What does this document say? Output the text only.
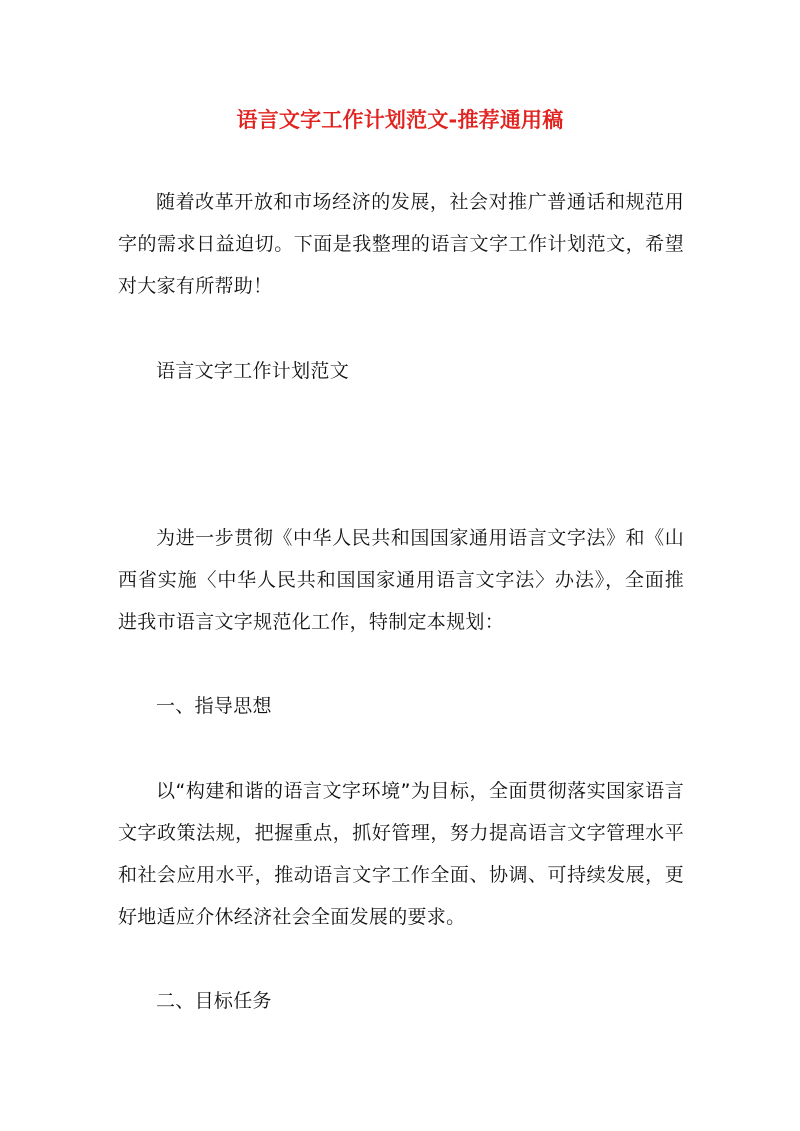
语言文字工作计划范文-推荐通用稿
随着改革开放和市场经济的发展，社会对推广普通话和规范用字的需求日益迫切。下面是我整理的语言文字工作计划范文，希望对大家有所帮助！
语言文字工作计划范文
为进一步贯彻《中华人民共和国国家通用语言文字法》和《山西省实施〈中华人民共和国国家通用语言文字法〉办法》，全面推进我市语言文字规范化工作，特制定本规划：
一、指导思想
以“构建和谐的语言文字环境”为目标，全面贯彻落实国家语言文字政策法规，把握重点，抓好管理，努力提高语言文字管理水平和社会应用水平，推动语言文字工作全面、协调、可持续发展，更好地适应介休经济社会全面发展的要求。
二、目标任务
